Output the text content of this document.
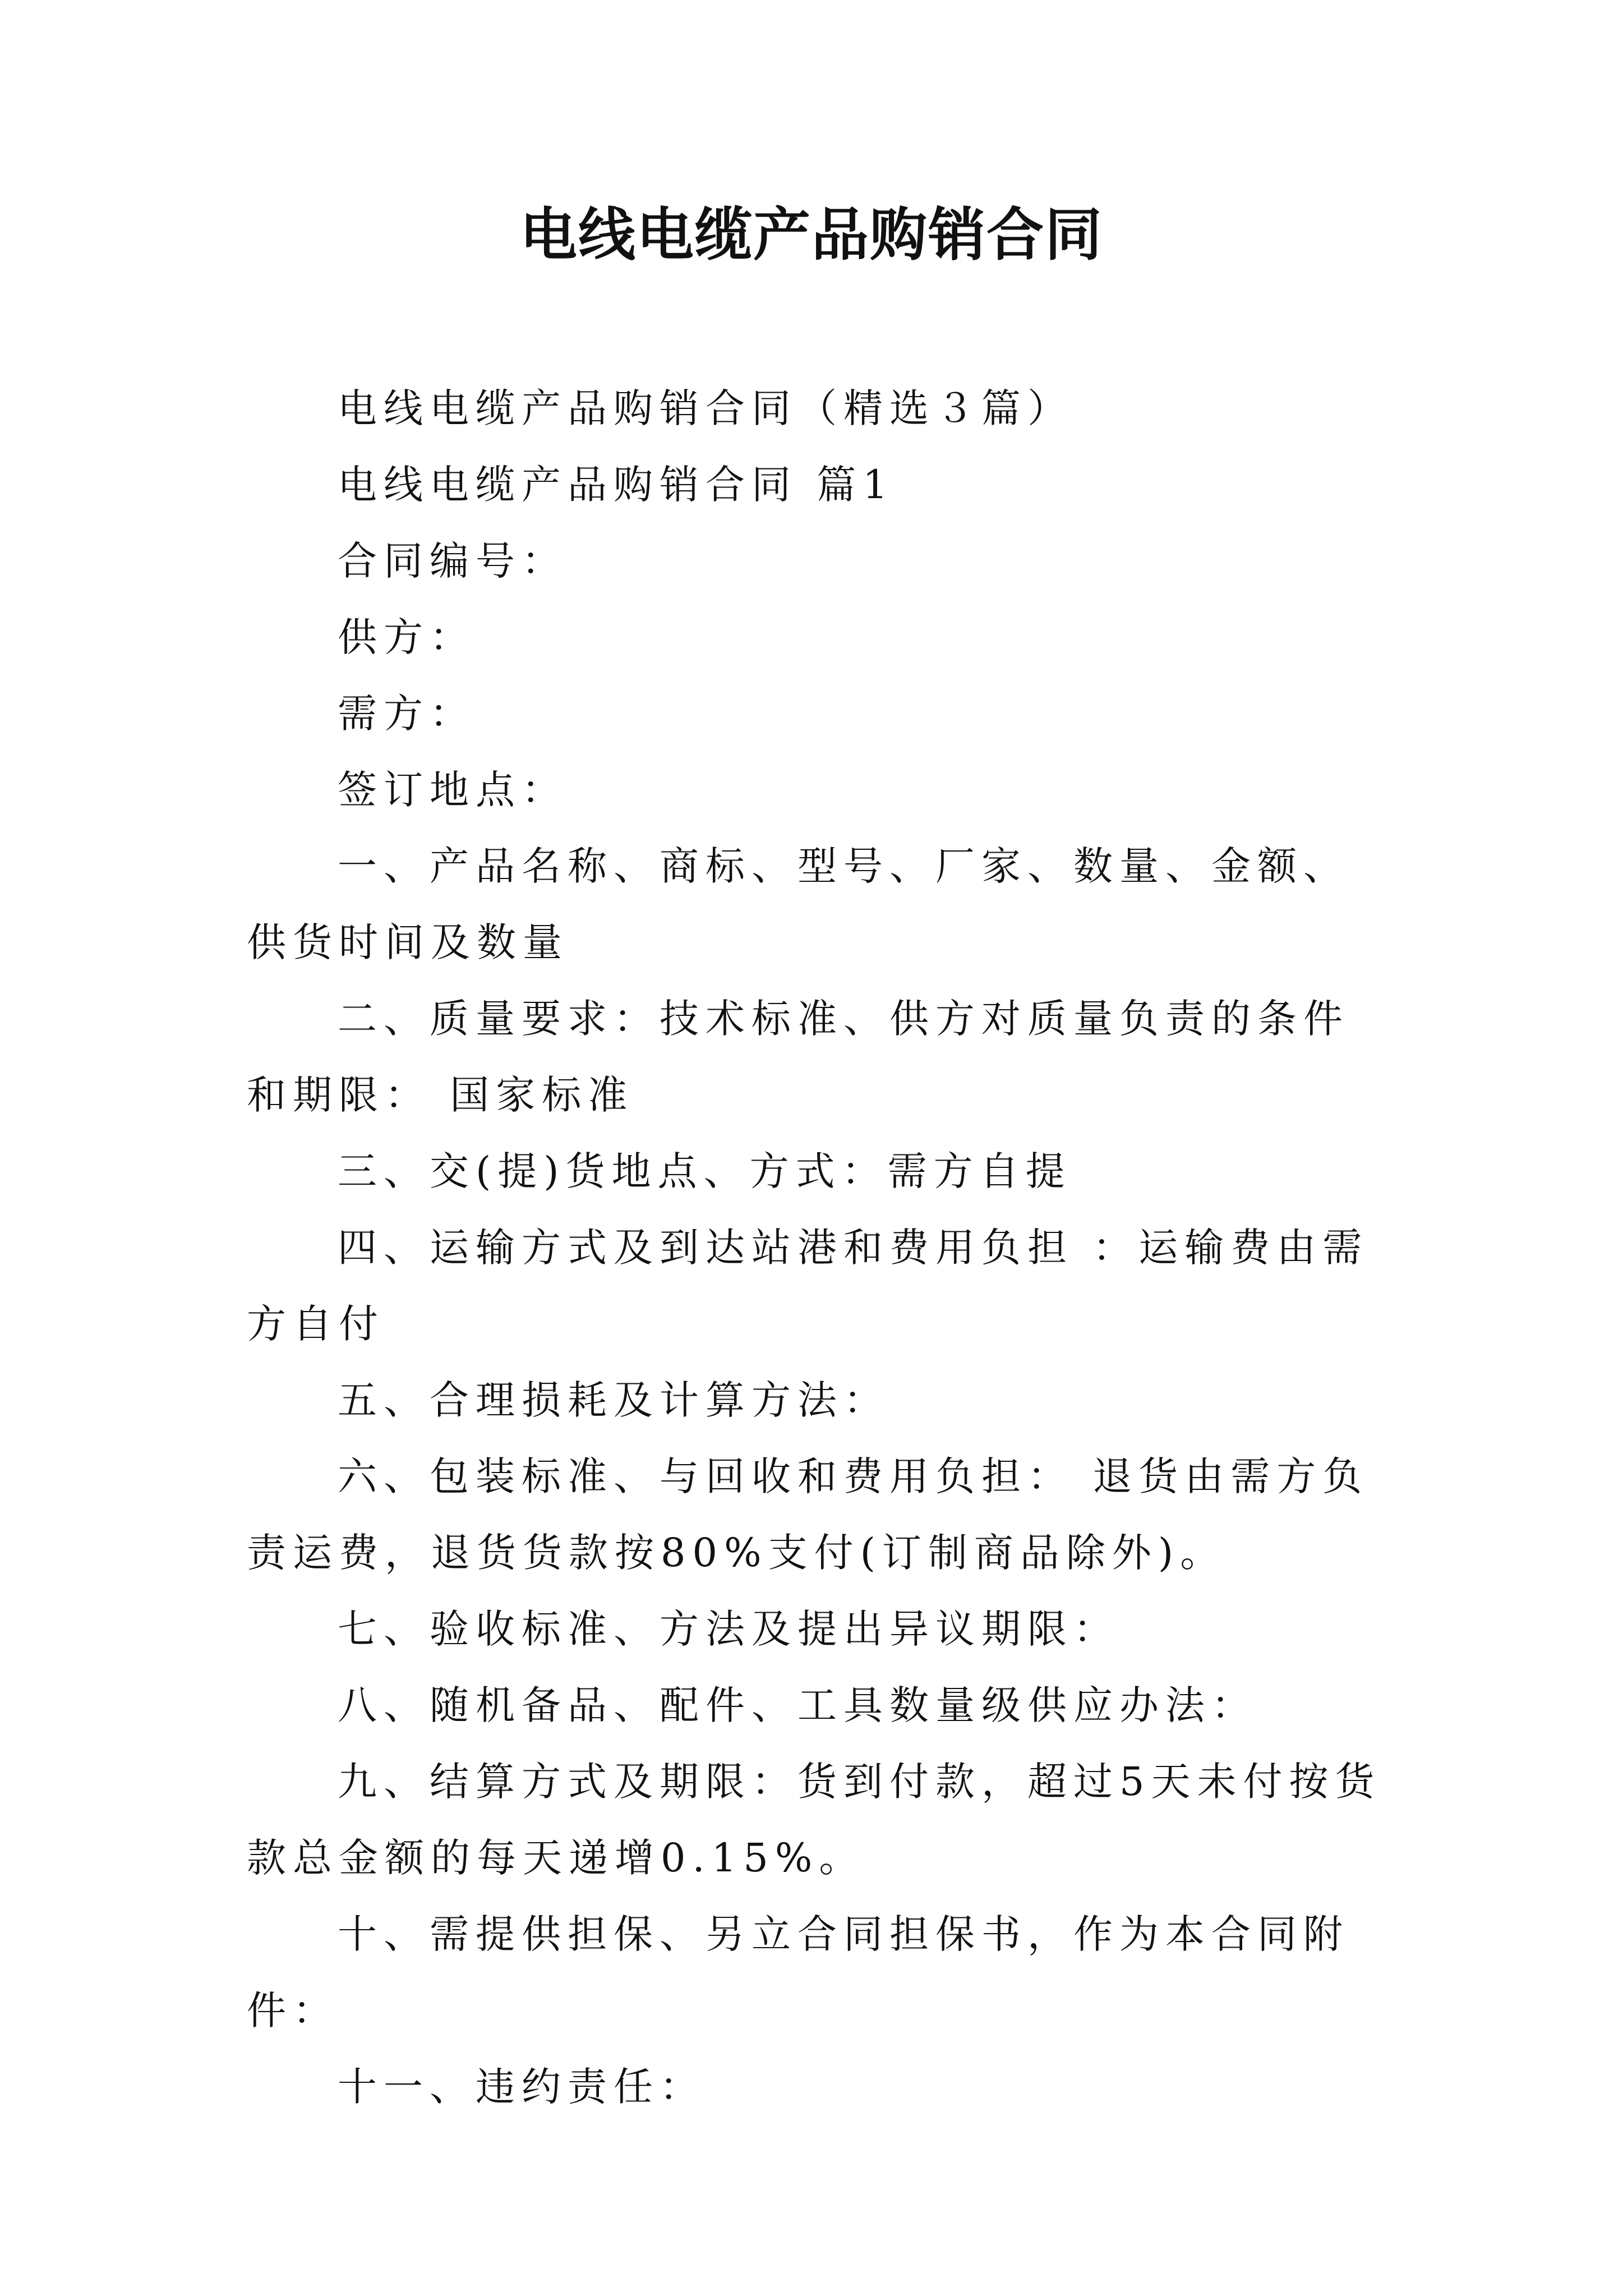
电线电缆产品购销合同

电线电缆产品购销合同（精选３篇）

电线电缆产品购销合同 篇1

合同编号：

供方：

需方：

签订地点：

一、产品名称、商标、型号、厂家、数量、金额、供货时间及数量

二、质量要求：技术标准、供方对质量负责的条件和期限： 国家标准

三、交(提)货地点、方式：需方自提

四、运输方式及到达站港和费用负担 ：运输费由需方自付

五、合理损耗及计算方法：

六、包装标准、与回收和费用负担： 退货由需方负责运费，退货货款按80%支付(订制商品除外)。

七、验收标准、方法及提出异议期限：

八、随机备品、配件、工具数量级供应办法：

九、结算方式及期限：货到付款，超过5天未付按货款总金额的每天递增0.15%。

十、需提供担保、另立合同担保书，作为本合同附件：

十一、违约责任：
